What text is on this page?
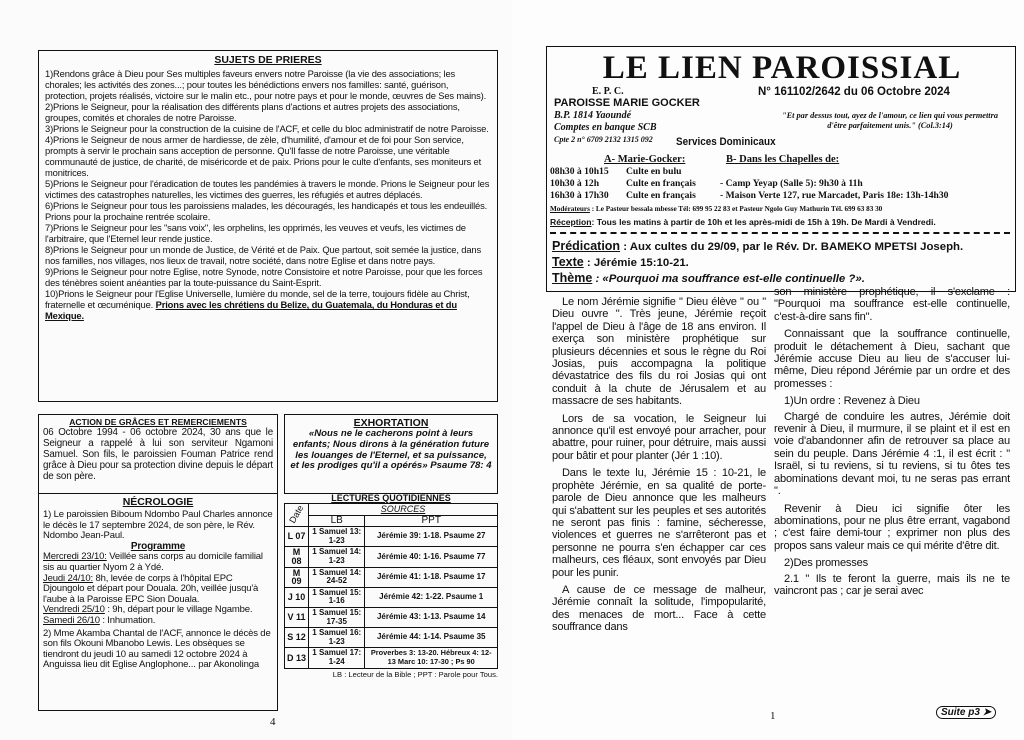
SUJETS DE PRIERES

1)Rendons grâce à Dieu pour Ses multiples faveurs envers notre Paroisse (la vie des associations; les chorales; les activités des zones...; pour toutes les bénédictions envers nos familles: santé, guérison, protection, projets réalisés, victoire sur le malin etc., pour notre pays et pour le monde, œuvres de Ses mains).

2)Prions le Seigneur, pour la réalisation des différents plans d'actions et autres projets des associations, groupes, comités et chorales de notre Paroisse.

3)Prions le Seigneur pour la construction de la cuisine de l'ACF, et celle du bloc administratif de notre Paroisse.

4)Prions le Seigneur de nous armer de hardiesse, de zèle, d'humilité, d'amour et de foi pour Son service, prompts à servir le prochain sans acception de personne. Qu'Il fasse de notre Paroisse, une véritable communauté de justice, de charité, de miséricorde et de paix. Prions pour le culte d'enfants, ses moniteurs et monitrices.

5)Prions le Seigneur pour l'éradication de toutes les pandémies à travers le monde. Prions le Seigneur pour les victimes des catastrophes naturelles, les victimes des guerres, les réfugiés et autres déplacés.

6)Prions le Seigneur pour tous les paroissiens malades, les découragés, les handicapés et tous les endeuillés. Prions pour la prochaine rentrée scolaire.

7)Prions le Seigneur pour les "sans voix", les orphelins, les opprimés, les veuves et veufs, les victimes de l'arbitraire, que l'Eternel leur rende justice.

8)Prions le Seigneur pour un monde de Justice, de Vérité et de Paix. Que partout, soit semée la justice, dans nos familles, nos villages, nos lieux de travail, notre société, dans notre Eglise et dans notre pays.

9)Prions le Seigneur pour notre Eglise, notre Synode, notre Consistoire et notre Paroisse, pour que les forces des ténèbres soient anéanties par la toute-puissance du Saint-Esprit.

10)Prions le Seigneur pour l'Eglise Universelle, lumière du monde, sel de la terre, toujours fidèle au Christ, fraternelle et œcuménique. Prions avec les chrétiens du Belize, du Guatemala, du Honduras et du Mexique.

ACTION DE GRÂCES ET REMERCIEMENTS
06 Octobre 1994 - 06 octobre 2024, 30 ans que le Seigneur a rappelé à lui son serviteur Ngamoni Samuel. Son fils, le paroissien Fouman Patrice rend grâce à Dieu pour sa protection divine depuis le départ de son père.
NÉCROLOGIE

1) Le paroissien Biboum Ndombo Paul Charles annonce le décès le 17 septembre 2024, de son père, le Rév. Ndombo Jean-Paul.

Programme

Mercredi 23/10: Veillée sans corps au domicile familial sis au quartier Nyom 2 à Ydé.

Jeudi 24/10: 8h, levée de corps à l'hôpital EPC Djoungolo et départ pour Douala. 20h, veillée jusqu'à l'aube à la Paroisse EPC Sion Douala.

Vendredi 25/10 : 9h, départ pour le village Ngambe.

Samedi 26/10 : Inhumation.

2) Mme Akamba Chantal de l'ACF, annonce le décès de son fils Okouni Mbanobo Lewis. Les obsèques se tiendront du jeudi 10 au samedi 12 octobre 2024 à Anguissa lieu dit Eglise Anglophone... par Akonolinga

EXHORTATION
«Nous ne le cacherons point à leurs enfants; Nous dirons à la génération future les louanges de l'Eternel, et sa puissance, et les prodiges qu'il a opérés» Psaume 78: 4
LECTURES QUOTIDIENNES
Date	SOURCES	
	LB	PPT
L 07	1 Samuel 13: 1-23	Jérémie 39: 1-18. Psaume 27
M 08	1 Samuel 14: 1-23	Jérémie 40: 1-16. Psaume 77
M 09	1 Samuel 14: 24-52	Jérémie 41: 1-18. Psaume 17
J 10	1 Samuel 15: 1-16	Jérémie 42: 1-22. Psaume 1
V 11	1 Samuel 15: 17-35	Jérémie 43: 1-13. Psaume 14
S 12	1 Samuel 16: 1-23	Jérémie 44: 1-14. Psaume 35
D 13	1 Samuel 17: 1-24	Proverbes 3: 13-20. Hébreux 4: 12-13 Marc 10: 17-30 ; Ps 90
LB : Lecteur de la Bible ; PPT : Parole pour Tous.
4
LE LIEN PAROISSIAL
E. P. C.
PAROISSE MARIE GOCKER
N° 161102/2642 du 06 Octobre 2024
B.P. 1814 Yaoundé
Comptes en banque SCB
Cpte 2 n° 6709 2132 1315 092
"Et par dessus tout, ayez de l'amour, ce lien qui vous permettra d'être parfaitement unis." (Col.3:14)
Services Dominicaux
A- Marie-Gocker:
08h30 à 10h15 Culte en bulu
10h30 à 12h	Culte en français
16h30 à 17h30 Culte en français
B- Dans les Chapelles de:
- Camp Yeyap (Salle 5): 9h30 à 11h
- Maison Verte 127, rue Marcadet, Paris 18e: 13h-14h30
Modérateurs : Le Pasteur bessala mbesse Tél: 699 95 22 83 et Pasteur Ngolo Guy Mathurin Tél. 699 63 83 30
Réception: Tous les matins à partir de 10h et les après-midi de 15h à 19h. De Mardi à Vendredi.
Prédication : Aux cultes du 29/09, par le Rév. Dr. BAMEKO MPETSI Joseph.
Texte : Jérémie 15:10-21.
Thème : «Pourquoi ma souffrance est-elle continuelle ?».

Le nom Jérémie signifie " Dieu élève " ou " Dieu ouvre ". Très jeune, Jérémie reçoit l'appel de Dieu à l'âge de 18 ans environ. Il exerça son ministère prophétique sur plusieurs décennies et sous le règne du Roi Josias, puis accompagna la politique dévastatrice des fils du roi Josias qui ont conduit à la chute de Jérusalem et au massacre de ses habitants.

Lors de sa vocation, le Seigneur lui annonce qu'il est envoyé pour arracher, pour abattre, pour ruiner, pour détruire, mais aussi pour bâtir et pour planter (Jér 1 :10).

Dans le texte lu, Jérémie 15 : 10-21, le prophète Jérémie, en sa qualité de porte-parole de Dieu annonce que les malheurs qui s'abattent sur les peuples et ses autorités ne seront pas finis : famine, sécheresse, violences et guerres ne s'arrêteront pas et personne ne pourra s'en échapper car ces malheurs, ces fléaux, sont envoyés par Dieu pour les punir.

A cause de ce message de malheur, Jérémie connaît la solitude, l'impopularité, des menaces de mort... Face à cette souffrance dans

son ministère prophétique, il s'exclame : "Pourquoi ma souffrance est-elle continuelle, c'est-à-dire sans fin".

Connaissant que la souffrance continuelle, produit le détachement à Dieu, sachant que Jérémie accuse Dieu au lieu de s'accuser lui-même, Dieu répond Jérémie par un ordre et des promesses :

1)Un ordre : Revenez à Dieu

Chargé de conduire les autres, Jérémie doit revenir à Dieu, il murmure, il se plaint et il est en voie d'abandonner afin de retrouver sa place au sein du peuple. Dans Jérémie 4 :1, il est écrit : " Israël, si tu reviens, si tu reviens, si tu ôtes tes abominations devant moi, tu ne seras pas errant ".

Revenir à Dieu ici signifie ôter les abominations, pour ne plus être errant, vagabond ; c'est faire demi-tour ; exprimer non plus des propos sans valeur mais ce qui mérite d'être dit.

2)Des promesses

2.1 " Ils te feront la guerre, mais ils ne te vaincront pas ; car je serai avec

1	Suite p3 ➤
